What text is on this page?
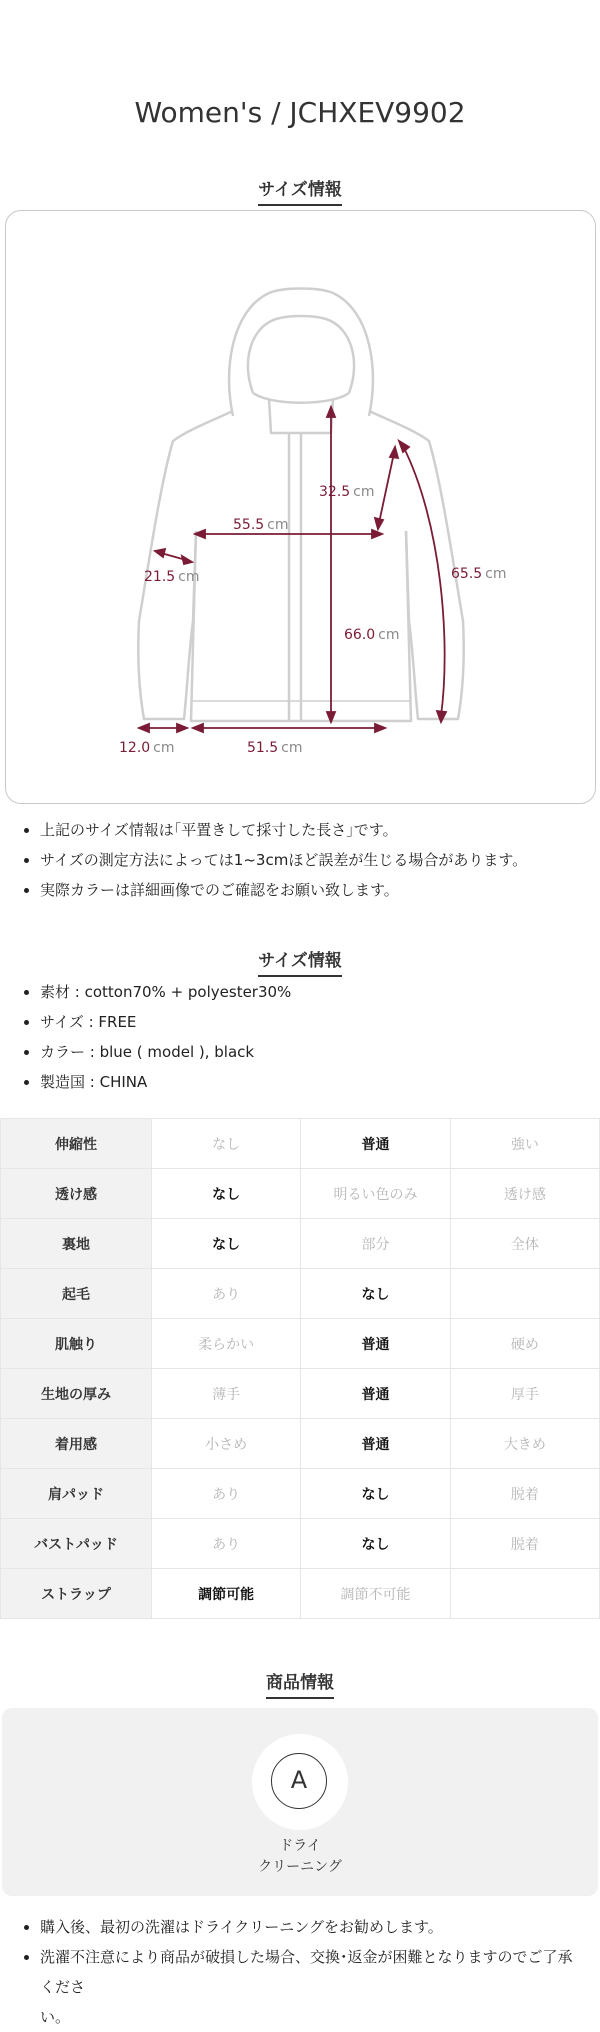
Women's / JCHXEV9902
サイズ情報
32.5 cm
55.5 cm
65.5 cm
21.5 cm
66.0 cm
12.0 cm	51.5 cm
上記のサイズ情報は｢平置きして採寸した長さ｣です。
サイズの測定方法によっては1~3cmほど誤差が生じる場合があります。
実際カラーは詳細画像でのご確認をお願い致します。
サイズ情報
素材 : cotton70% + polyester30%
サイズ : FREE
カラー : blue ( model ), black
製造国 : CHINA
伸縮性	なし	普通	強い
透け感	なし	明るい色のみ	透け感
裏地	なし	部分	全体
起毛	あり	なし	
肌触り	柔らかい	普通	硬め
生地の厚み	薄手	普通	厚手
着用感	小さめ	普通	大きめ
肩パッド	あり	なし	脱着
バストパッド	あり	なし	脱着
ストラップ	調節可能	調節不可能	
商品情報
A
ドライ
クリーニング
購入後、最初の洗濯はドライクリーニングをお勧めします。
洗濯不注意により商品が破損した場合、交換･返金が困難となりますのでご了承くださ
い。
